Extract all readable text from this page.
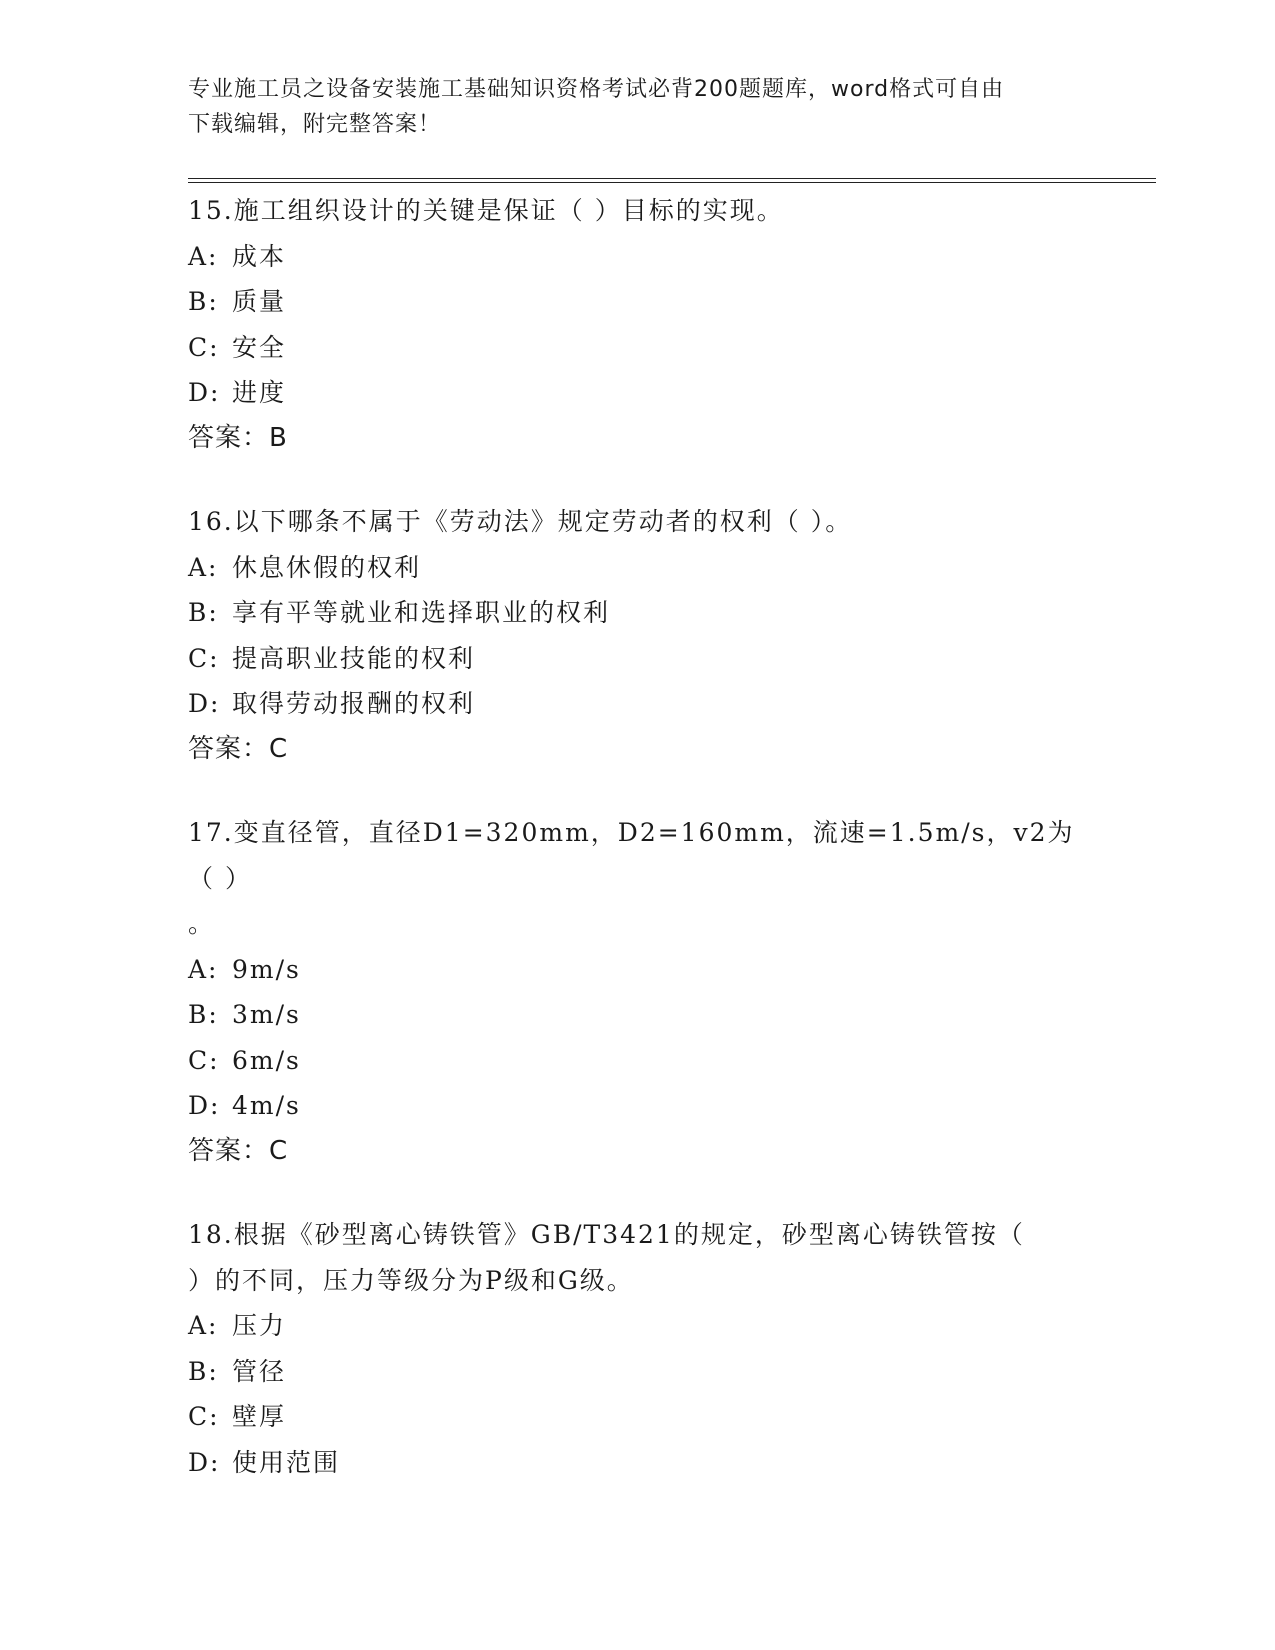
专业施工员之设备安装施工基础知识资格考试必背200题题库，word格式可自由
下载编辑，附完整答案！
15.施工组织设计的关键是保证（ ）目标的实现。
A: 成本
B: 质量
C: 安全
D: 进度
答案：B
16.以下哪条不属于《劳动法》规定劳动者的权利（ ）。
A: 休息休假的权利
B: 享有平等就业和选择职业的权利
C: 提高职业技能的权利
D: 取得劳动报酬的权利
答案：C
17.变直径管，直径D1=320mm，D2=160mm，流速=1.5m/s，v2为（ ）
。
A: 9m/s
B: 3m/s
C: 6m/s
D: 4m/s
答案：C
18.根据《砂型离心铸铁管》GB/T3421的规定，砂型离心铸铁管按（
）的不同，压力等级分为P级和G级。
A: 压力
B: 管径
C: 壁厚
D: 使用范围
